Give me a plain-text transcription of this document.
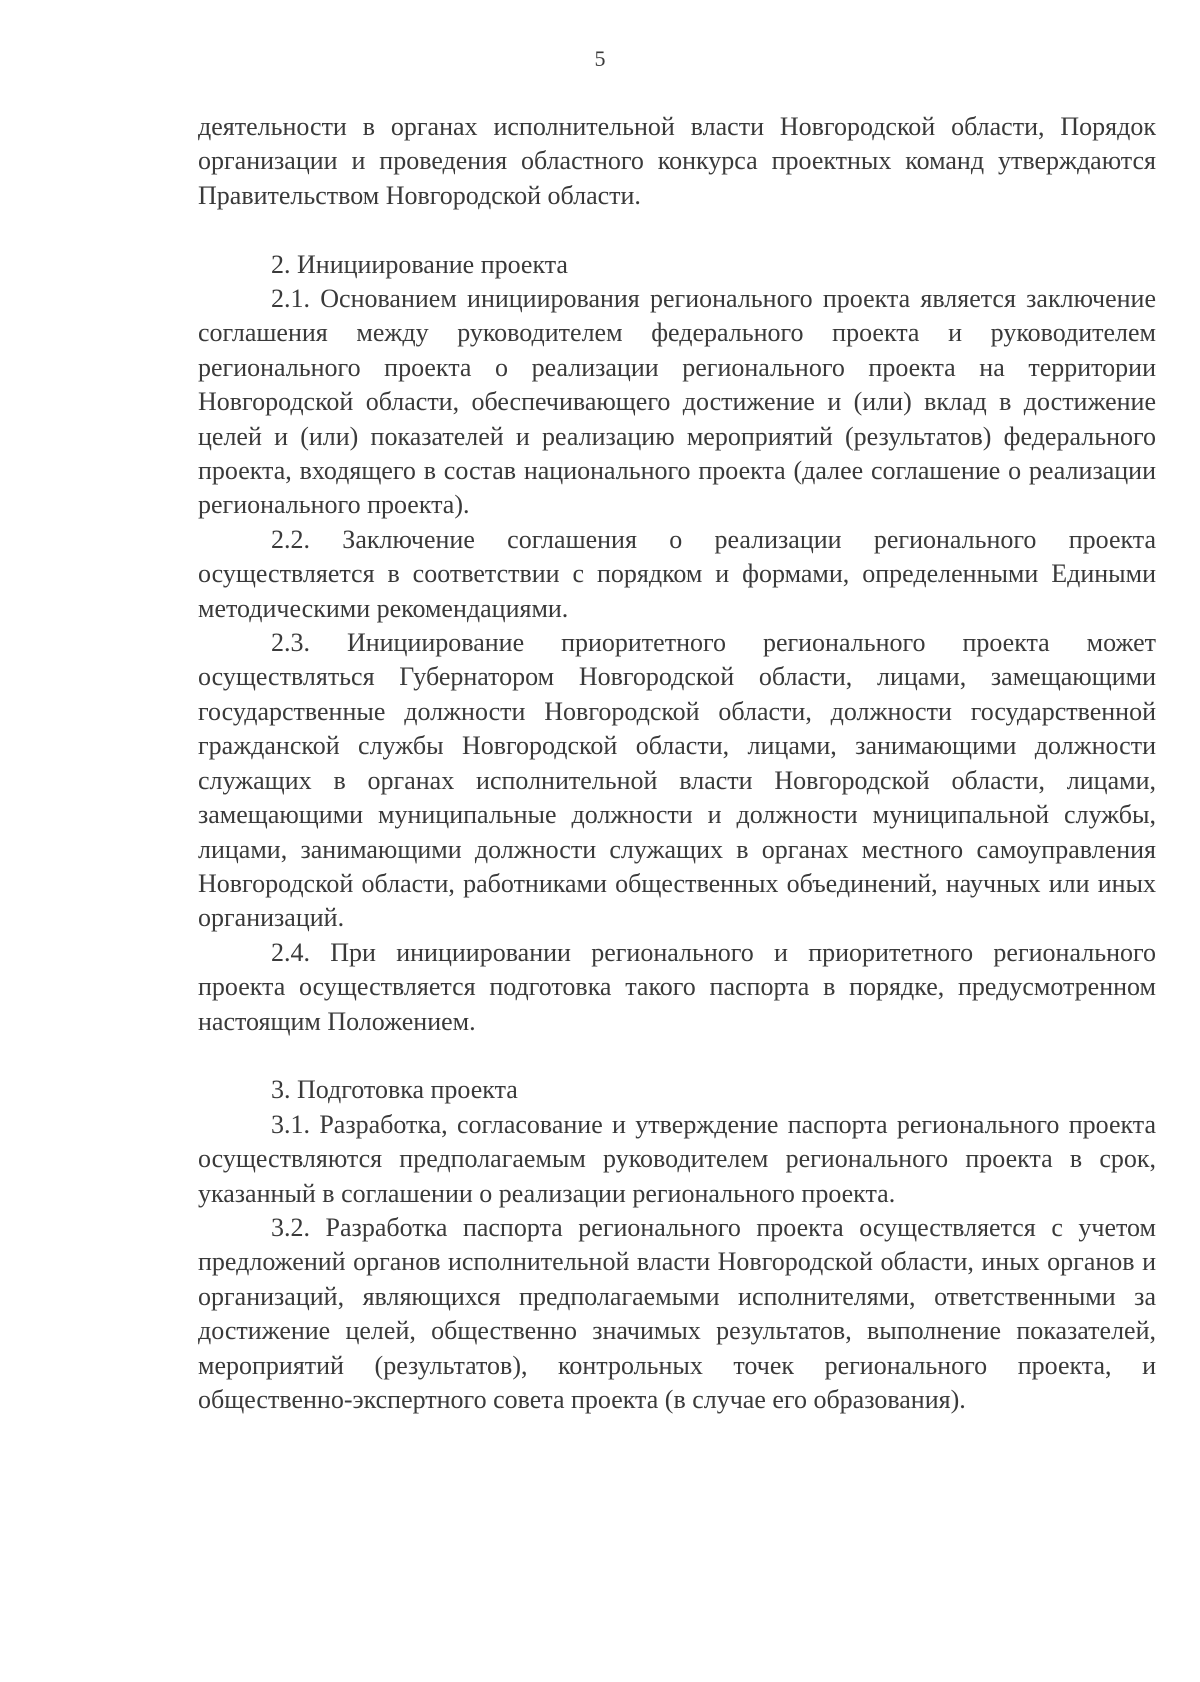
5

деятельности в органах исполнительной власти Новгородской области, Порядок организации и проведения областного конкурса проектных команд утверждаются Правительством Новгородской области.

2. Инициирование проекта

2.1. Основанием инициирования регионального проекта является заключение соглашения между руководителем федерального проекта и руководителем регионального проекта о реализации регионального проекта на территории Новгородской области, обеспечивающего достижение и (или) вклад в достижение целей и (или) показателей и реализацию мероприятий (результатов) федерального проекта, входящего в состав национального проекта (далее соглашение о реализации регионального проекта).

2.2. Заключение соглашения о реализации регионального проекта осуществляется в соответствии с порядком и формами, определенными Едиными методическими рекомендациями.

2.3. Инициирование приоритетного регионального проекта может осуществляться Губернатором Новгородской области, лицами, замещающими государственные должности Новгородской области, должности государственной гражданской службы Новгородской области, лицами, занимающими должности служащих в органах исполнительной власти Новгородской области, лицами, замещающими муниципальные должности и должности муниципальной службы, лицами, занимающими должности служащих в органах местного самоуправления Новгородской области, работниками общественных объединений, научных или иных организаций.

2.4. При инициировании регионального и приоритетного регионального проекта осуществляется подготовка такого паспорта в порядке, предусмотренном настоящим Положением.

3. Подготовка проекта

3.1. Разработка, согласование и утверждение паспорта регионального проекта осуществляются предполагаемым руководителем регионального проекта в срок, указанный в соглашении о реализации регионального проекта.

3.2. Разработка паспорта регионального проекта осуществляется с учетом предложений органов исполнительной власти Новгородской области, иных органов и организаций, являющихся предполагаемыми исполнителями, ответственными за достижение целей, общественно значимых результатов, выполнение показателей, мероприятий (результатов), контрольных точек регионального проекта, и общественно-экспертного совета проекта (в случае его образования).
